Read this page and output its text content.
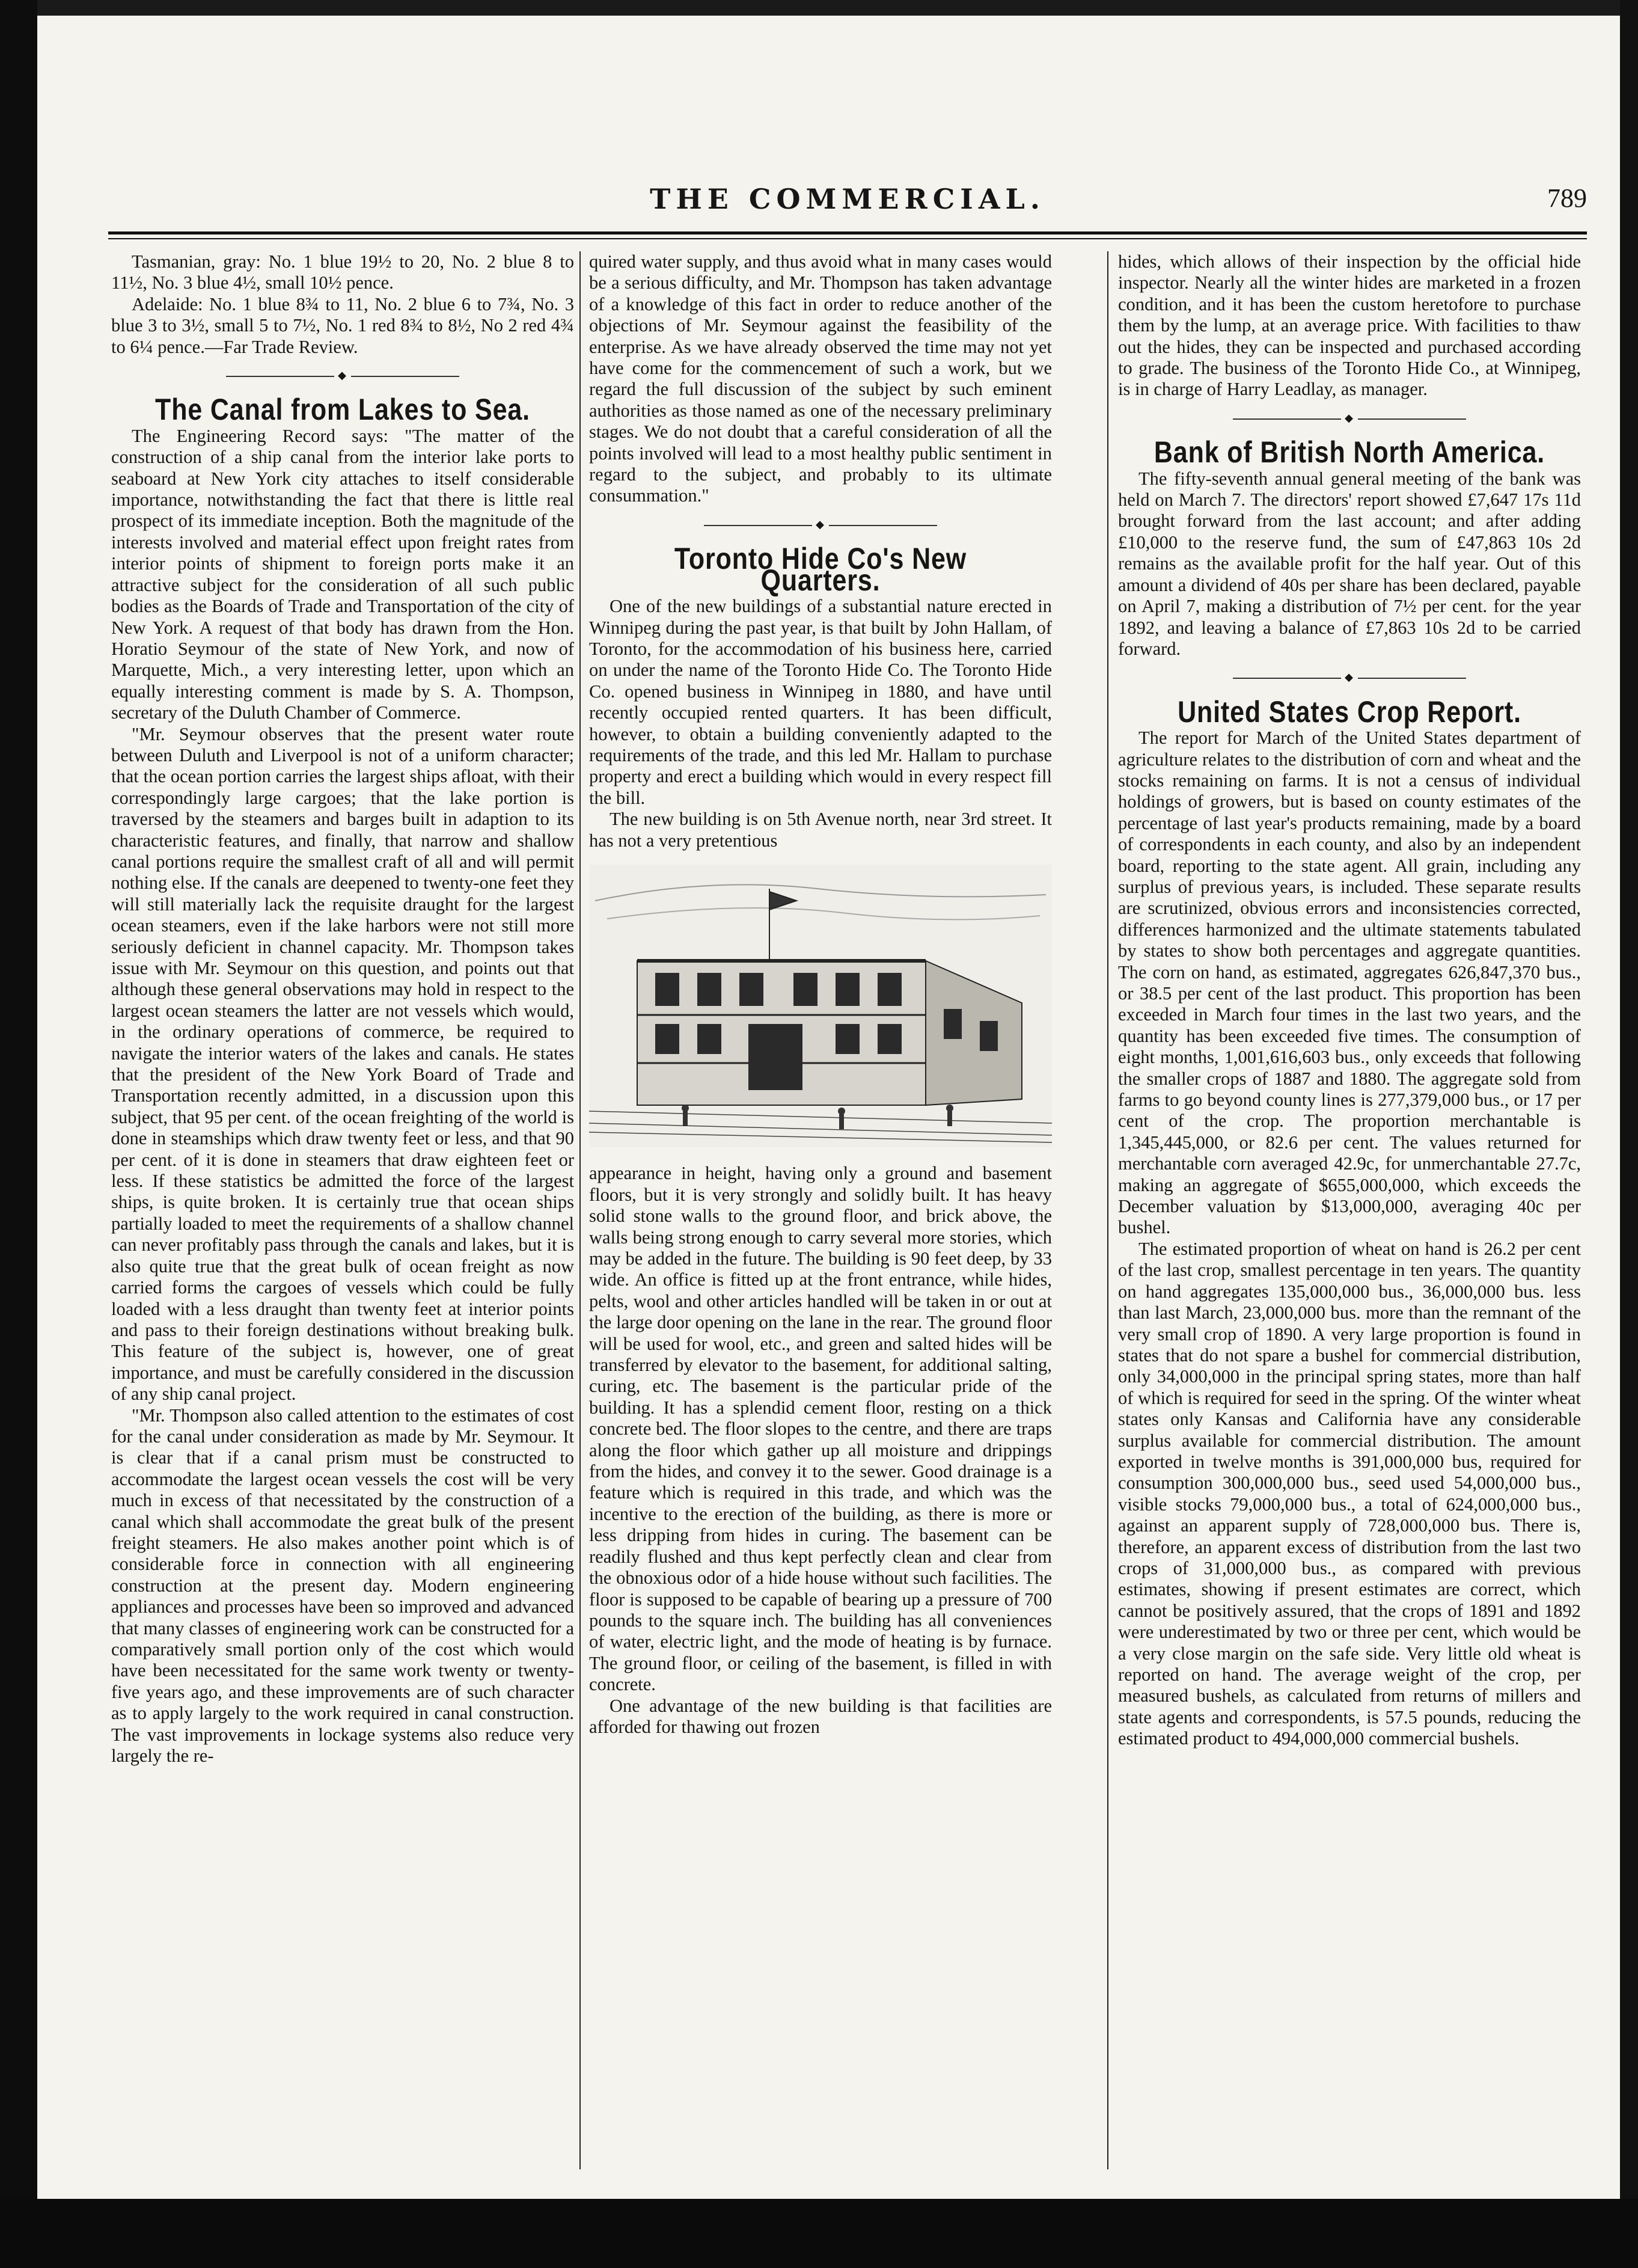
THE COMMERCIAL.	789

Tasmanian, gray: No. 1 blue 19½ to 20, No. 2 blue 8 to 11½, No. 3 blue 4½, small 10½ pence.

Adelaide: No. 1 blue 8¾ to 11, No. 2 blue 6 to 7¾, No. 3 blue 3 to 3½, small 5 to 7½, No. 1 red 8¾ to 8½, No 2 red 4¾ to 6¼ pence.—Far Trade Review.

◆
The Canal from Lakes to Sea.

The Engineering Record says: "The matter of the construction of a ship canal from the interior lake ports to seaboard at New York city attaches to itself considerable importance, notwithstanding the fact that there is little real prospect of its immediate inception. Both the magnitude of the interests involved and material effect upon freight rates from interior points of shipment to foreign ports make it an attractive subject for the consideration of all such public bodies as the Boards of Trade and Transportation of the city of New York. A request of that body has drawn from the Hon. Horatio Seymour of the state of New York, and now of Marquette, Mich., a very interesting letter, upon which an equally interesting comment is made by S. A. Thompson, secretary of the Duluth Chamber of Commerce.

"Mr. Seymour observes that the present water route between Duluth and Liverpool is not of a uniform character; that the ocean portion carries the largest ships afloat, with their correspondingly large cargoes; that the lake portion is traversed by the steamers and barges built in adaption to its characteristic features, and finally, that narrow and shallow canal portions require the smallest craft of all and will permit nothing else. If the canals are deepened to twenty-one feet they will still materially lack the requisite draught for the largest ocean steamers, even if the lake harbors were not still more seriously deficient in channel capacity. Mr. Thompson takes issue with Mr. Seymour on this question, and points out that although these general observations may hold in respect to the largest ocean steamers the latter are not vessels which would, in the ordinary operations of commerce, be required to navigate the interior waters of the lakes and canals. He states that the president of the New York Board of Trade and Transportation recently admitted, in a discussion upon this subject, that 95 per cent. of the ocean freighting of the world is done in steamships which draw twenty feet or less, and that 90 per cent. of it is done in steamers that draw eighteen feet or less. If these statistics be admitted the force of the largest ships, is quite broken. It is certainly true that ocean ships partially loaded to meet the requirements of a shallow channel can never profitably pass through the canals and lakes, but it is also quite true that the great bulk of ocean freight as now carried forms the cargoes of vessels which could be fully loaded with a less draught than twenty feet at interior points and pass to their foreign destinations without breaking bulk. This feature of the subject is, however, one of great importance, and must be carefully considered in the discussion of any ship canal project.

"Mr. Thompson also called attention to the estimates of cost for the canal under consideration as made by Mr. Seymour. It is clear that if a canal prism must be constructed to accommodate the largest ocean vessels the cost will be very much in excess of that necessitated by the construction of a canal which shall accommodate the great bulk of the present freight steamers. He also makes another point which is of considerable force in connection with all engineering construction at the present day. Modern engineering appliances and processes have been so improved and advanced that many classes of engineering work can be constructed for a comparatively small portion only of the cost which would have been necessitated for the same work twenty or twenty-five years ago, and these improvements are of such character as to apply largely to the work required in canal construction. The vast improvements in lockage systems also reduce very largely the re-

quired water supply, and thus avoid what in many cases would be a serious difficulty, and Mr. Thompson has taken advantage of a knowledge of this fact in order to reduce another of the objections of Mr. Seymour against the feasibility of the enterprise. As we have already observed the time may not yet have come for the commencement of such a work, but we regard the full discussion of the subject by such eminent authorities as those named as one of the necessary preliminary stages. We do not doubt that a careful consideration of all the points involved will lead to a most healthy public sentiment in regard to the subject, and probably to its ultimate consummation."

◆
Toronto Hide Co's New Quarters.

One of the new buildings of a substantial nature erected in Winnipeg during the past year, is that built by John Hallam, of Toronto, for the accommodation of his business here, carried on under the name of the Toronto Hide Co. The Toronto Hide Co. opened business in Winnipeg in 1880, and have until recently occupied rented quarters. It has been difficult, however, to obtain a building conveniently adapted to the requirements of the trade, and this led Mr. Hallam to purchase property and erect a building which would in every respect fill the bill.

The new building is on 5th Avenue north, near 3rd street. It has not a very pretentious

appearance in height, having only a ground and basement floors, but it is very strongly and solidly built. It has heavy solid stone walls to the ground floor, and brick above, the walls being strong enough to carry several more stories, which may be added in the future. The building is 90 feet deep, by 33 wide. An office is fitted up at the front entrance, while hides, pelts, wool and other articles handled will be taken in or out at the large door opening on the lane in the rear. The ground floor will be used for wool, etc., and green and salted hides will be transferred by elevator to the basement, for additional salting, curing, etc. The basement is the particular pride of the building. It has a splendid cement floor, resting on a thick concrete bed. The floor slopes to the centre, and there are traps along the floor which gather up all moisture and drippings from the hides, and convey it to the sewer. Good drainage is a feature which is required in this trade, and which was the incentive to the erection of the building, as there is more or less dripping from hides in curing. The basement can be readily flushed and thus kept perfectly clean and clear from the obnoxious odor of a hide house without such facilities. The floor is supposed to be capable of bearing up a pressure of 700 pounds to the square inch. The building has all conveniences of water, electric light, and the mode of heating is by furnace. The ground floor, or ceiling of the basement, is filled in with concrete.

One advantage of the new building is that facilities are afforded for thawing out frozen

hides, which allows of their inspection by the official hide inspector. Nearly all the winter hides are marketed in a frozen condition, and it has been the custom heretofore to purchase them by the lump, at an average price. With facilities to thaw out the hides, they can be inspected and purchased according to grade. The business of the Toronto Hide Co., at Winnipeg, is in charge of Harry Leadlay, as manager.

◆
Bank of British North America.

The fifty-seventh annual general meeting of the bank was held on March 7. The directors' report showed £7,647 17s 11d brought forward from the last account; and after adding £10,000 to the reserve fund, the sum of £47,863 10s 2d remains as the available profit for the half year. Out of this amount a dividend of 40s per share has been declared, payable on April 7, making a distribution of 7½ per cent. for the year 1892, and leaving a balance of £7,863 10s 2d to be carried forward.

◆
United States Crop Report.

The report for March of the United States department of agriculture relates to the distribution of corn and wheat and the stocks remaining on farms. It is not a census of individual holdings of growers, but is based on county estimates of the percentage of last year's products remaining, made by a board of correspondents in each county, and also by an independent board, reporting to the state agent. All grain, including any surplus of previous years, is included. These separate results are scrutinized, obvious errors and inconsistencies corrected, differences harmonized and the ultimate statements tabulated by states to show both percentages and aggregate quantities. The corn on hand, as estimated, aggregates 626,847,370 bus., or 38.5 per cent of the last product. This proportion has been exceeded in March four times in the last two years, and the quantity has been exceeded five times. The consumption of eight months, 1,001,616,603 bus., only exceeds that following the smaller crops of 1887 and 1880. The aggregate sold from farms to go beyond county lines is 277,379,000 bus., or 17 per cent of the crop. The proportion merchantable is 1,345,445,000, or 82.6 per cent. The values returned for merchantable corn averaged 42.9c, for unmerchantable 27.7c, making an aggregate of $655,000,000, which exceeds the December valuation by $13,000,000, averaging 40c per bushel.

The estimated proportion of wheat on hand is 26.2 per cent of the last crop, smallest percentage in ten years. The quantity on hand aggregates 135,000,000 bus., 36,000,000 bus. less than last March, 23,000,000 bus. more than the remnant of the very small crop of 1890. A very large proportion is found in states that do not spare a bushel for commercial distribution, only 34,000,000 in the principal spring states, more than half of which is required for seed in the spring. Of the winter wheat states only Kansas and California have any considerable surplus available for commercial distribution. The amount exported in twelve months is 391,000,000 bus, required for consumption 300,000,000 bus., seed used 54,000,000 bus., visible stocks 79,000,000 bus., a total of 624,000,000 bus., against an apparent supply of 728,000,000 bus. There is, therefore, an apparent excess of distribution from the last two crops of 31,000,000 bus., as compared with previous estimates, showing if present estimates are correct, which cannot be positively assured, that the crops of 1891 and 1892 were underestimated by two or three per cent, which would be a very close margin on the safe side. Very little old wheat is reported on hand. The average weight of the crop, per measured bushels, as calculated from returns of millers and state agents and correspondents, is 57.5 pounds, reducing the estimated product to 494,000,000 commercial bushels.
